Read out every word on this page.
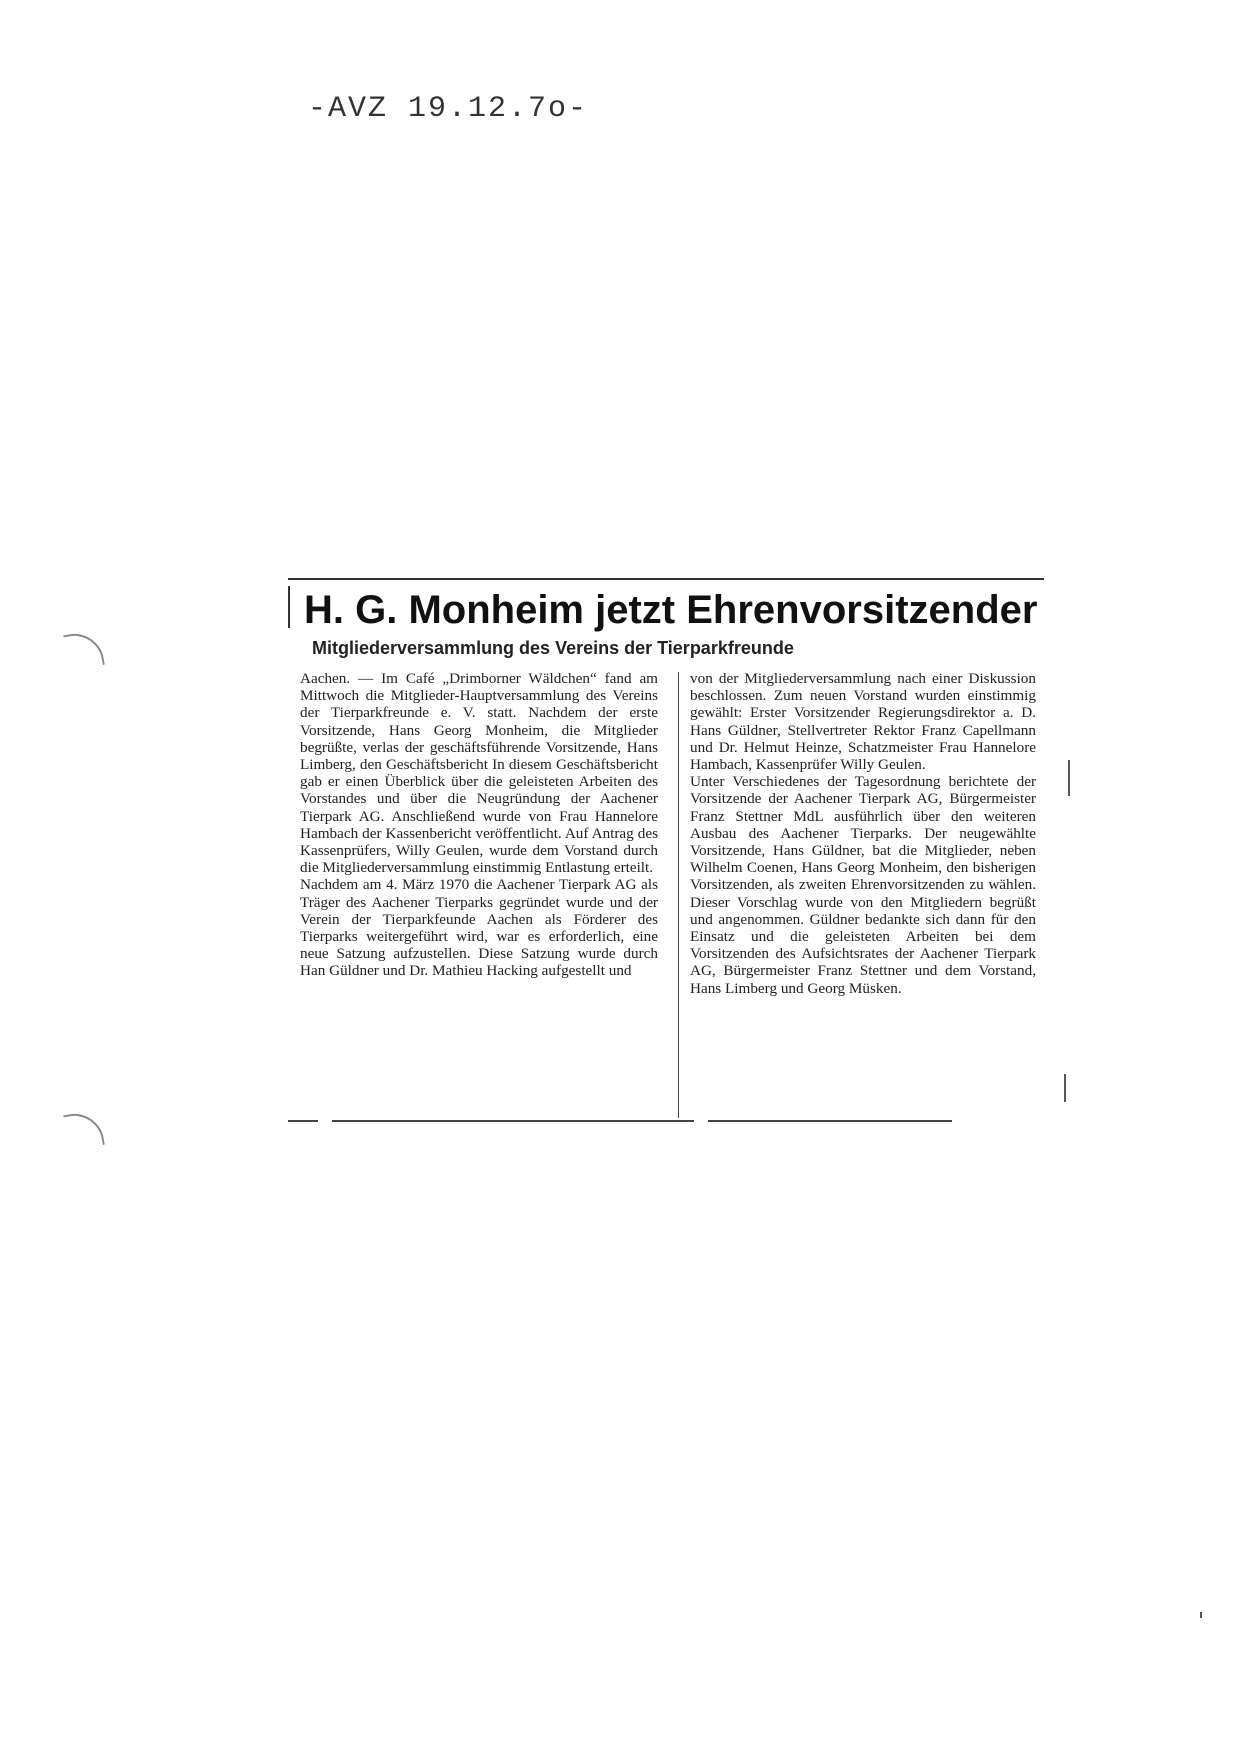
-AVZ 19.12.7o-
H. G. Monheim jetzt Ehrenvorsitzender
Mitgliederversammlung des Vereins der Tierparkfreunde

Aachen. — Im Café „Drimborner Wäldchen“ fand am Mittwoch die Mitglieder-Hauptversammlung des Vereins der Tierparkfreunde e. V. statt. Nachdem der erste Vorsitzende, Hans Georg Monheim, die Mitglieder begrüßte, verlas der geschäftsführende Vorsitzende, Hans Limberg, den Geschäftsbericht In diesem Geschäftsbericht gab er einen Überblick über die geleisteten Arbeiten des Vorstandes und über die Neugründung der Aachener Tierpark AG. Anschließend wurde von Frau Hannelore Hambach der Kassenbericht veröffentlicht. Auf Antrag des Kassenprüfers, Willy Geulen, wurde dem Vorstand durch die Mitgliederversammlung einstimmig Entlastung erteilt.

Nachdem am 4. März 1970 die Aachener Tierpark AG als Träger des Aachener Tierparks gegründet wurde und der Verein der Tierparkfeunde Aachen als Förderer des Tierparks weitergeführt wird, war es erforderlich, eine neue Satzung aufzustellen. Diese Satzung wurde durch Han Güldner und Dr. Mathieu Hacking aufgestellt und

von der Mitgliederversammlung nach einer Diskussion beschlossen. Zum neuen Vorstand wurden einstimmig gewählt: Erster Vorsitzender Regierungsdirektor a. D. Hans Güldner, Stellvertreter Rektor Franz Capellmann und Dr. Helmut Heinze, Schatzmeister Frau Hannelore Hambach, Kassenprüfer Willy Geulen.

Unter Verschiedenes der Tagesordnung berichtete der Vorsitzende der Aachener Tierpark AG, Bürgermeister Franz Stettner MdL ausführlich über den weiteren Ausbau des Aachener Tierparks. Der neugewählte Vorsitzende, Hans Güldner, bat die Mitglieder, neben Wilhelm Coenen, Hans Georg Monheim, den bisherigen Vorsitzenden, als zweiten Ehrenvorsitzenden zu wählen. Dieser Vorschlag wurde von den Mitgliedern begrüßt und angenommen. Güldner bedankte sich dann für den Einsatz und die geleisteten Arbeiten bei dem Vorsitzenden des Aufsichtsrates der Aachener Tierpark AG, Bürgermeister Franz Stettner und dem Vorstand, Hans Limberg und Georg Müsken.
